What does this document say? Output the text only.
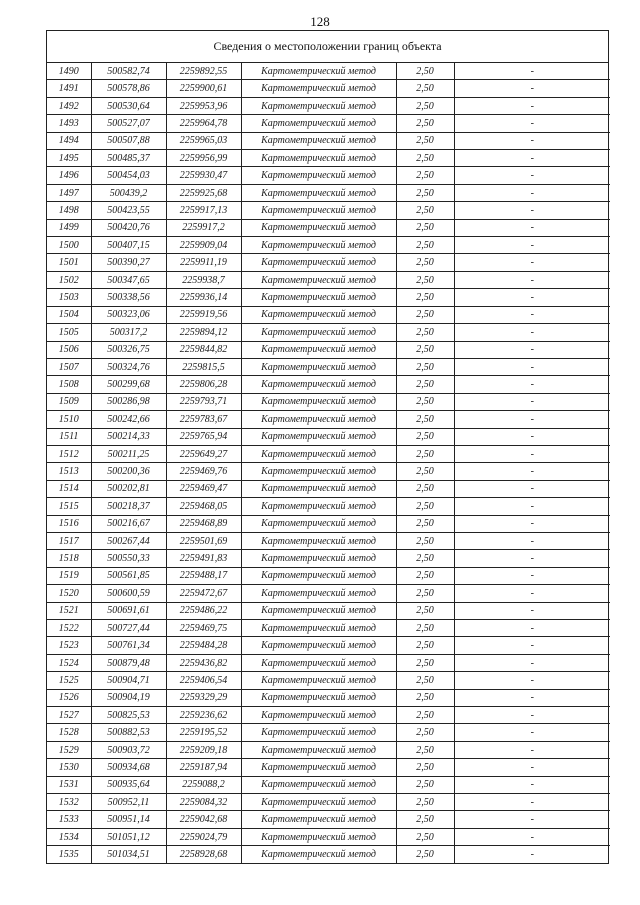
128
Сведения о местоположении границ объекта
1490	500582,74	2259892,55	Картометрический метод	2,50	-
1491	500578,86	2259900,61	Картометрический метод	2,50	-
1492	500530,64	2259953,96	Картометрический метод	2,50	-
1493	500527,07	2259964,78	Картометрический метод	2,50	-
1494	500507,88	2259965,03	Картометрический метод	2,50	-
1495	500485,37	2259956,99	Картометрический метод	2,50	-
1496	500454,03	2259930,47	Картометрический метод	2,50	-
1497	500439,2	2259925,68	Картометрический метод	2,50	-
1498	500423,55	2259917,13	Картометрический метод	2,50	-
1499	500420,76	2259917,2	Картометрический метод	2,50	-
1500	500407,15	2259909,04	Картометрический метод	2,50	-
1501	500390,27	2259911,19	Картометрический метод	2,50	-
1502	500347,65	2259938,7	Картометрический метод	2,50	-
1503	500338,56	2259936,14	Картометрический метод	2,50	-
1504	500323,06	2259919,56	Картометрический метод	2,50	-
1505	500317,2	2259894,12	Картометрический метод	2,50	-
1506	500326,75	2259844,82	Картометрический метод	2,50	-
1507	500324,76	2259815,5	Картометрический метод	2,50	-
1508	500299,68	2259806,28	Картометрический метод	2,50	-
1509	500286,98	2259793,71	Картометрический метод	2,50	-
1510	500242,66	2259783,67	Картометрический метод	2,50	-
1511	500214,33	2259765,94	Картометрический метод	2,50	-
1512	500211,25	2259649,27	Картометрический метод	2,50	-
1513	500200,36	2259469,76	Картометрический метод	2,50	-
1514	500202,81	2259469,47	Картометрический метод	2,50	-
1515	500218,37	2259468,05	Картометрический метод	2,50	-
1516	500216,67	2259468,89	Картометрический метод	2,50	-
1517	500267,44	2259501,69	Картометрический метод	2,50	-
1518	500550,33	2259491,83	Картометрический метод	2,50	-
1519	500561,85	2259488,17	Картометрический метод	2,50	-
1520	500600,59	2259472,67	Картометрический метод	2,50	-
1521	500691,61	2259486,22	Картометрический метод	2,50	-
1522	500727,44	2259469,75	Картометрический метод	2,50	-
1523	500761,34	2259484,28	Картометрический метод	2,50	-
1524	500879,48	2259436,82	Картометрический метод	2,50	-
1525	500904,71	2259406,54	Картометрический метод	2,50	-
1526	500904,19	2259329,29	Картометрический метод	2,50	-
1527	500825,53	2259236,62	Картометрический метод	2,50	-
1528	500882,53	2259195,52	Картометрический метод	2,50	-
1529	500903,72	2259209,18	Картометрический метод	2,50	-
1530	500934,68	2259187,94	Картометрический метод	2,50	-
1531	500935,64	2259088,2	Картометрический метод	2,50	-
1532	500952,11	2259084,32	Картометрический метод	2,50	-
1533	500951,14	2259042,68	Картометрический метод	2,50	-
1534	501051,12	2259024,79	Картометрический метод	2,50	-
1535	501034,51	2258928,68	Картометрический метод	2,50	-
